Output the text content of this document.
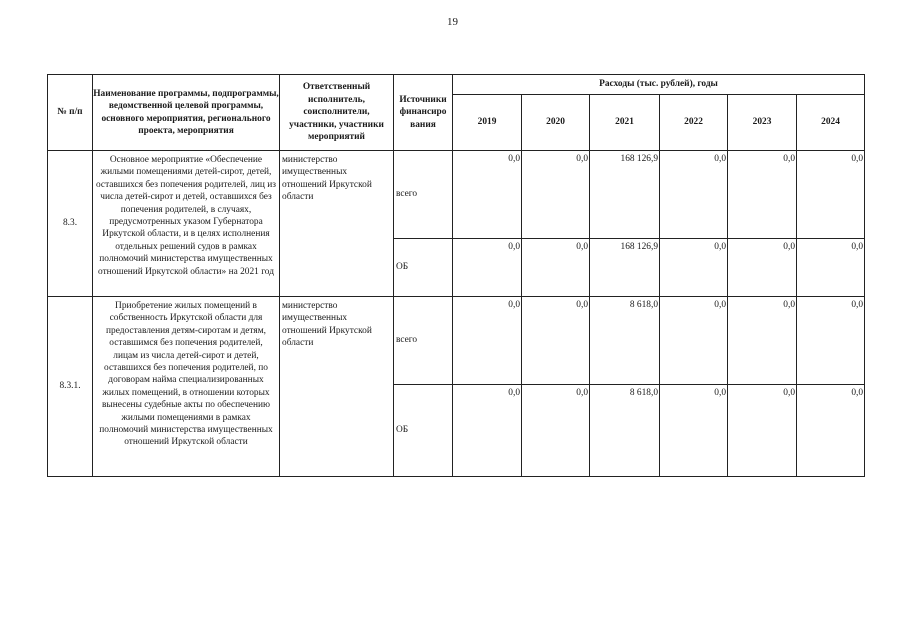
19
№ п/п	Наименование программы, подпрограммы, ведомственной целевой программы, основного мероприятия, регионального проекта, мероприятия	Ответственный исполнитель, соисполнители, участники, участники мероприятий	Источники финансиро вания	Расходы (тыс. рублей), годы					
				2019	2020	2021	2022	2023	2024
8.3.	Основное мероприятие «Обеспечение жилыми помещениями детей-сирот, детей, оставшихся без попечения родителей, лиц из числа детей-сирот и детей, оставшихся без попечения родителей, в случаях, предусмотренных указом Губернатора Иркутской области, и в целях исполнения отдельных решений судов в рамках полномочий министерства имущественных отношений Иркутской области» на 2021 год	министерство имущественных отношений Иркутской области	всего	0,0	0,0	168 126,9	0,0	0,0	0,0
			ОБ	0,0	0,0	168 126,9	0,0	0,0	0,0
8.3.1.	Приобретение жилых помещений в собственность Иркутской области для предоставления детям-сиротам и детям, оставшимся без попечения родителей, лицам из числа детей-сирот и детей, оставшихся без попечения родителей, по договорам найма специализированных жилых помещений, в отношении которых вынесены судебные акты по обеспечению жилыми помещениями в рамках полномочий министерства имущественных отношений Иркутской области	министерство имущественных отношений Иркутской области	всего	0,0	0,0	8 618,0	0,0	0,0	0,0
			ОБ	0,0	0,0	8 618,0	0,0	0,0	0,0
